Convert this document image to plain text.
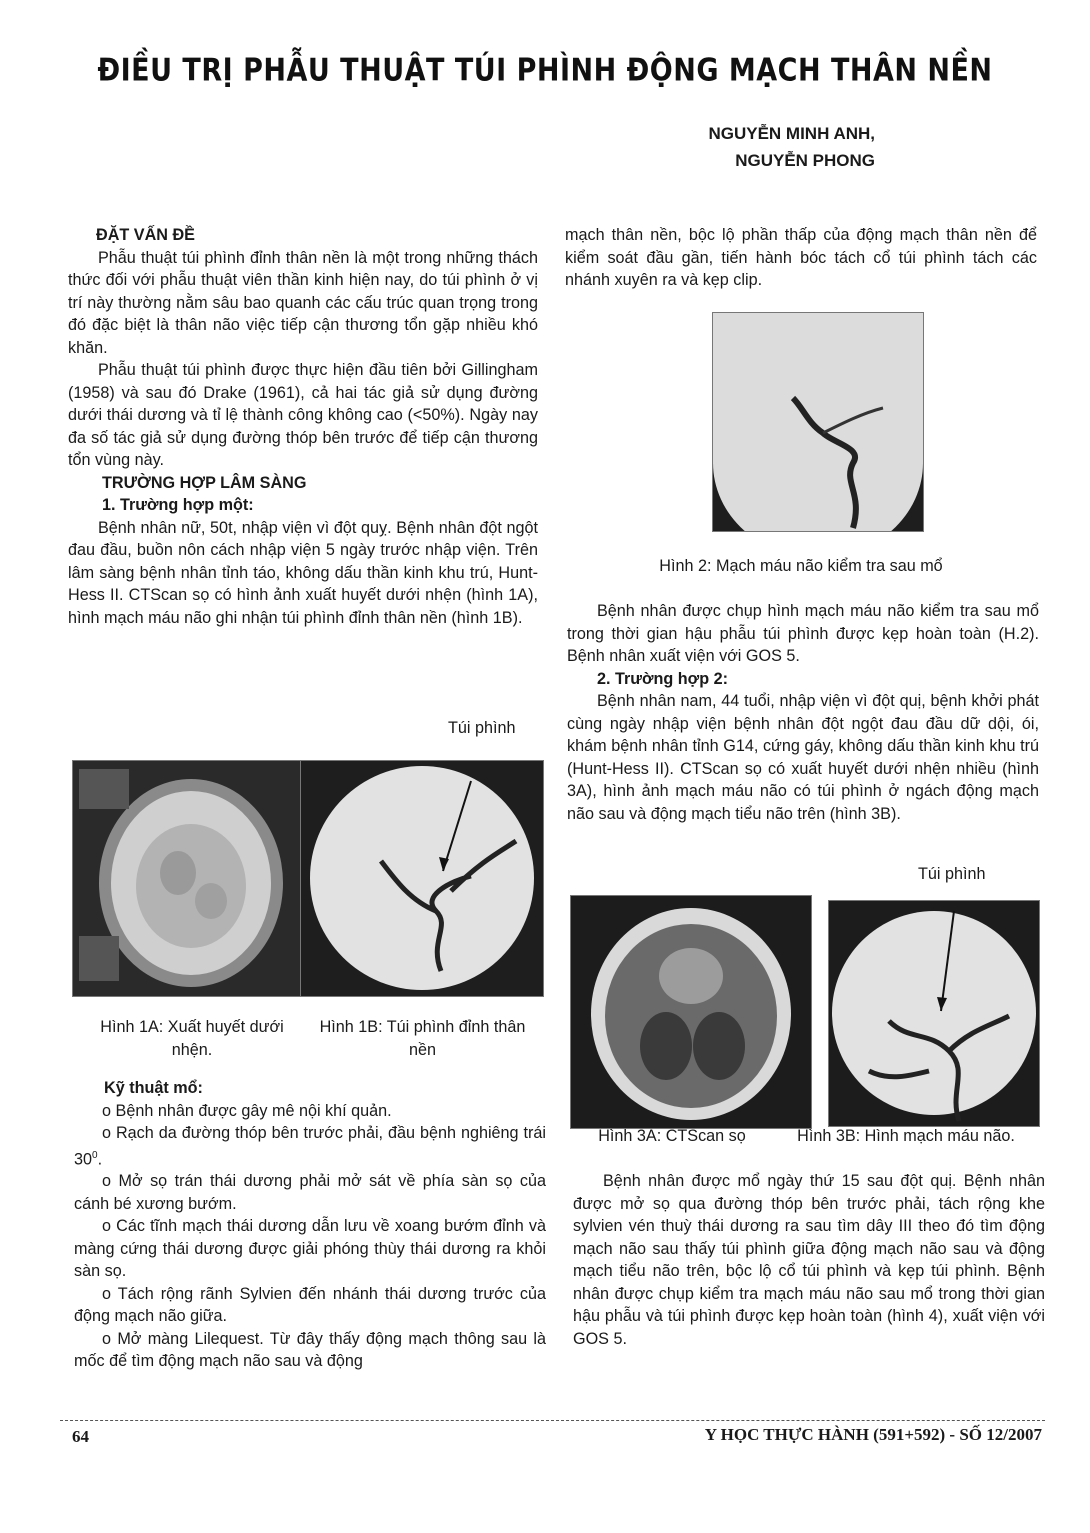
ĐIỀU TRỊ PHẪU THUẬT TÚI PHÌNH ĐỘNG MẠCH THÂN NỀN
NGUYỄN MINH ANH,
NGUYỄN PHONG

ĐẶT VẤN ĐỀ

Phẫu thuật túi phình đỉnh thân nền là một trong những thách thức đối với phẫu thuật viên thần kinh hiện nay, do túi phình ở vị trí này thường nằm sâu bao quanh các cấu trúc quan trọng trong đó đặc biệt là thân não việc tiếp cận thương tổn gặp nhiều khó khăn.

Phẫu thuật túi phình được thực hiện đầu tiên bởi Gillingham (1958) và sau đó Drake (1961), cả hai tác giả sử dụng đường dưới thái dương và tỉ lệ thành công không cao (<50%). Ngày nay đa số tác giả sử dụng đường thóp bên trước để tiếp cận thương tổn vùng này.

TRƯỜNG HỢP LÂM SÀNG

1. Trường hợp một:

Bệnh nhân nữ, 50t, nhập viện vì đột quỵ. Bệnh nhân đột ngột đau đầu, buồn nôn cách nhập viện 5 ngày trước nhập viện. Trên lâm sàng bệnh nhân tỉnh táo, không dấu thần kinh khu trú, Hunt- Hess II. CTScan sọ có hình ảnh xuất huyết dưới nhện (hình 1A), hình mạch máu não ghi nhận túi phình đỉnh thân nền (hình 1B).

Túi phình
Hình 1A: Xuất huyết dưới nhện.
Hình 1B: Túi phình đỉnh thân nền

Kỹ thuật mổ:

o Bệnh nhân được gây mê nội khí quản.

o Rạch da đường thóp bên trước phải, đầu bệnh nghiêng trái $30^0$.

o Mở sọ trán thái dương phải mở sát về phía sàn sọ của cánh bé xương bướm.

o Các tĩnh mạch thái dương dẫn lưu về xoang bướm đỉnh và màng cứng thái dương được giải phóng thùy thái dương ra khỏi sàn sọ.

o Tách rộng rãnh Sylvien đến nhánh thái dương trước của động mạch não giữa.

o Mở màng Lilequest. Từ đây thấy động mạch thông sau là mốc để tìm động mạch não sau và động

mạch thân nền, bộc lộ phần thấp của động mạch thân nền để kiểm soát đầu gần, tiến hành bóc tách cổ túi phình tách các nhánh xuyên ra và kẹp clip.
Hình 2: Mạch máu não kiểm tra sau mổ

Bệnh nhân được chụp hình mạch máu não kiểm tra sau mổ trong thời gian hậu phẫu túi phình được kẹp hoàn toàn (H.2). Bệnh nhân xuất viện với GOS 5.

2. Trường hợp 2:

Bệnh nhân nam, 44 tuổi, nhập viện vì đột quị, bệnh khởi phát cùng ngày nhập viện bệnh nhân đột ngột đau đầu dữ dội, ói, khám bệnh nhân tỉnh G14, cứng gáy, không dấu thần kinh khu trú (Hunt-Hess II). CTScan sọ có xuất huyết dưới nhện nhiều (hình 3A), hình ảnh mạch máu não có túi phình ở ngách động mạch não sau và động mạch tiểu não trên (hình 3B).

Túi phình
Hình 3A: CTScan sọ	Hình 3B: Hình mạch máu não.
Bệnh nhân được mổ ngày thứ 15 sau đột quị. Bệnh nhân được mở sọ qua đường thóp bên trước phải, tách rộng khe sylvien vén thuỳ thái dương ra sau tìm dây III theo đó tìm động mạch não sau thấy túi phình giữa động mạch não sau và động mạch tiểu não trên, bộc lộ cổ túi phình và kẹp túi phình. Bệnh nhân được chụp kiểm tra mạch máu não sau mổ trong thời gian hậu phẫu và túi phình được kẹp hoàn toàn (hình 4), xuất viện với GOS 5.
64	Y HỌC THỰC HÀNH (591+592) - SỐ 12/2007
